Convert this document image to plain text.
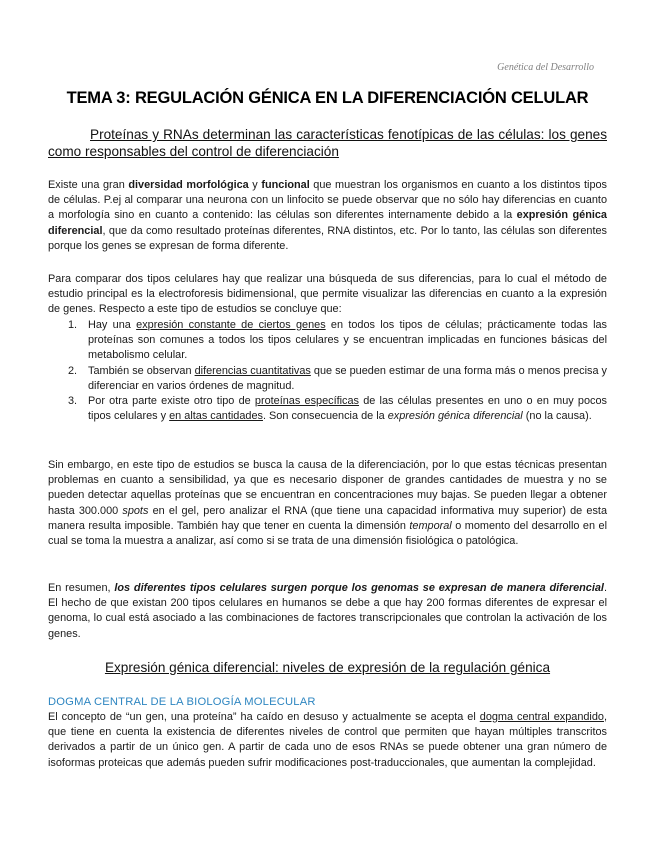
Genética del Desarrollo
TEMA 3: REGULACIÓN GÉNICA EN LA DIFERENCIACIÓN CELULAR
Proteínas y RNAs determinan las características fenotípicas de las células: los genes como responsables del control de diferenciación

Existe una gran diversidad morfológica y funcional que muestran los organismos en cuanto a los distintos tipos de células. P.ej al comparar una neurona con un linfocito se puede observar que no sólo hay diferencias en cuanto a morfología sino en cuanto a contenido: las células son diferentes internamente debido a la expresión génica diferencial, que da como resultado proteínas diferentes, RNA distintos, etc. Por lo tanto, las células son diferentes porque los genes se expresan de forma diferente.

Para comparar dos tipos celulares hay que realizar una búsqueda de sus diferencias, para lo cual el método de estudio principal es la electroforesis bidimensional, que permite visualizar las diferencias en cuanto a la expresión de genes. Respecto a este tipo de estudios se concluye que:

1. Hay una expresión constante de ciertos genes en todos los tipos de células; prácticamente todas las proteínas son comunes a todos los tipos celulares y se encuentran implicadas en funciones básicas del metabolismo celular.
2. También se observan diferencias cuantitativas que se pueden estimar de una forma más o menos precisa y diferenciar en varios órdenes de magnitud.
3. Por otra parte existe otro tipo de proteínas específicas de las células presentes en uno o en muy pocos tipos celulares y en altas cantidades. Son consecuencia de la expresión génica diferencial (no la causa).

Sin embargo, en este tipo de estudios se busca la causa de la diferenciación, por lo que estas técnicas presentan problemas en cuanto a sensibilidad, ya que es necesario disponer de grandes cantidades de muestra y no se pueden detectar aquellas proteínas que se encuentran en concentraciones muy bajas. Se pueden llegar a obtener hasta 300.000 spots en el gel, pero analizar el RNA (que tiene una capacidad informativa muy superior) de esta manera resulta imposible. También hay que tener en cuenta la dimensión temporal o momento del desarrollo en el cual se toma la muestra a analizar, así como si se trata de una dimensión fisiológica o patológica.

En resumen, los diferentes tipos celulares surgen porque los genomas se expresan de manera diferencial. El hecho de que existan 200 tipos celulares en humanos se debe a que hay 200 formas diferentes de expresar el genoma, lo cual está asociado a las combinaciones de factores transcripcionales que controlan la activación de los genes.

Expresión génica diferencial: niveles de expresión de la regulación génica
DOGMA CENTRAL DE LA BIOLOGÍA MOLECULAR

El concepto de “un gen, una proteína” ha caído en desuso y actualmente se acepta el dogma central expandido, que tiene en cuenta la existencia de diferentes niveles de control que permiten que hayan múltiples transcritos derivados a partir de un único gen. A partir de cada uno de esos RNAs se puede obtener una gran número de isoformas proteicas que además pueden sufrir modificaciones post-traduccionales, que aumentan la complejidad.
